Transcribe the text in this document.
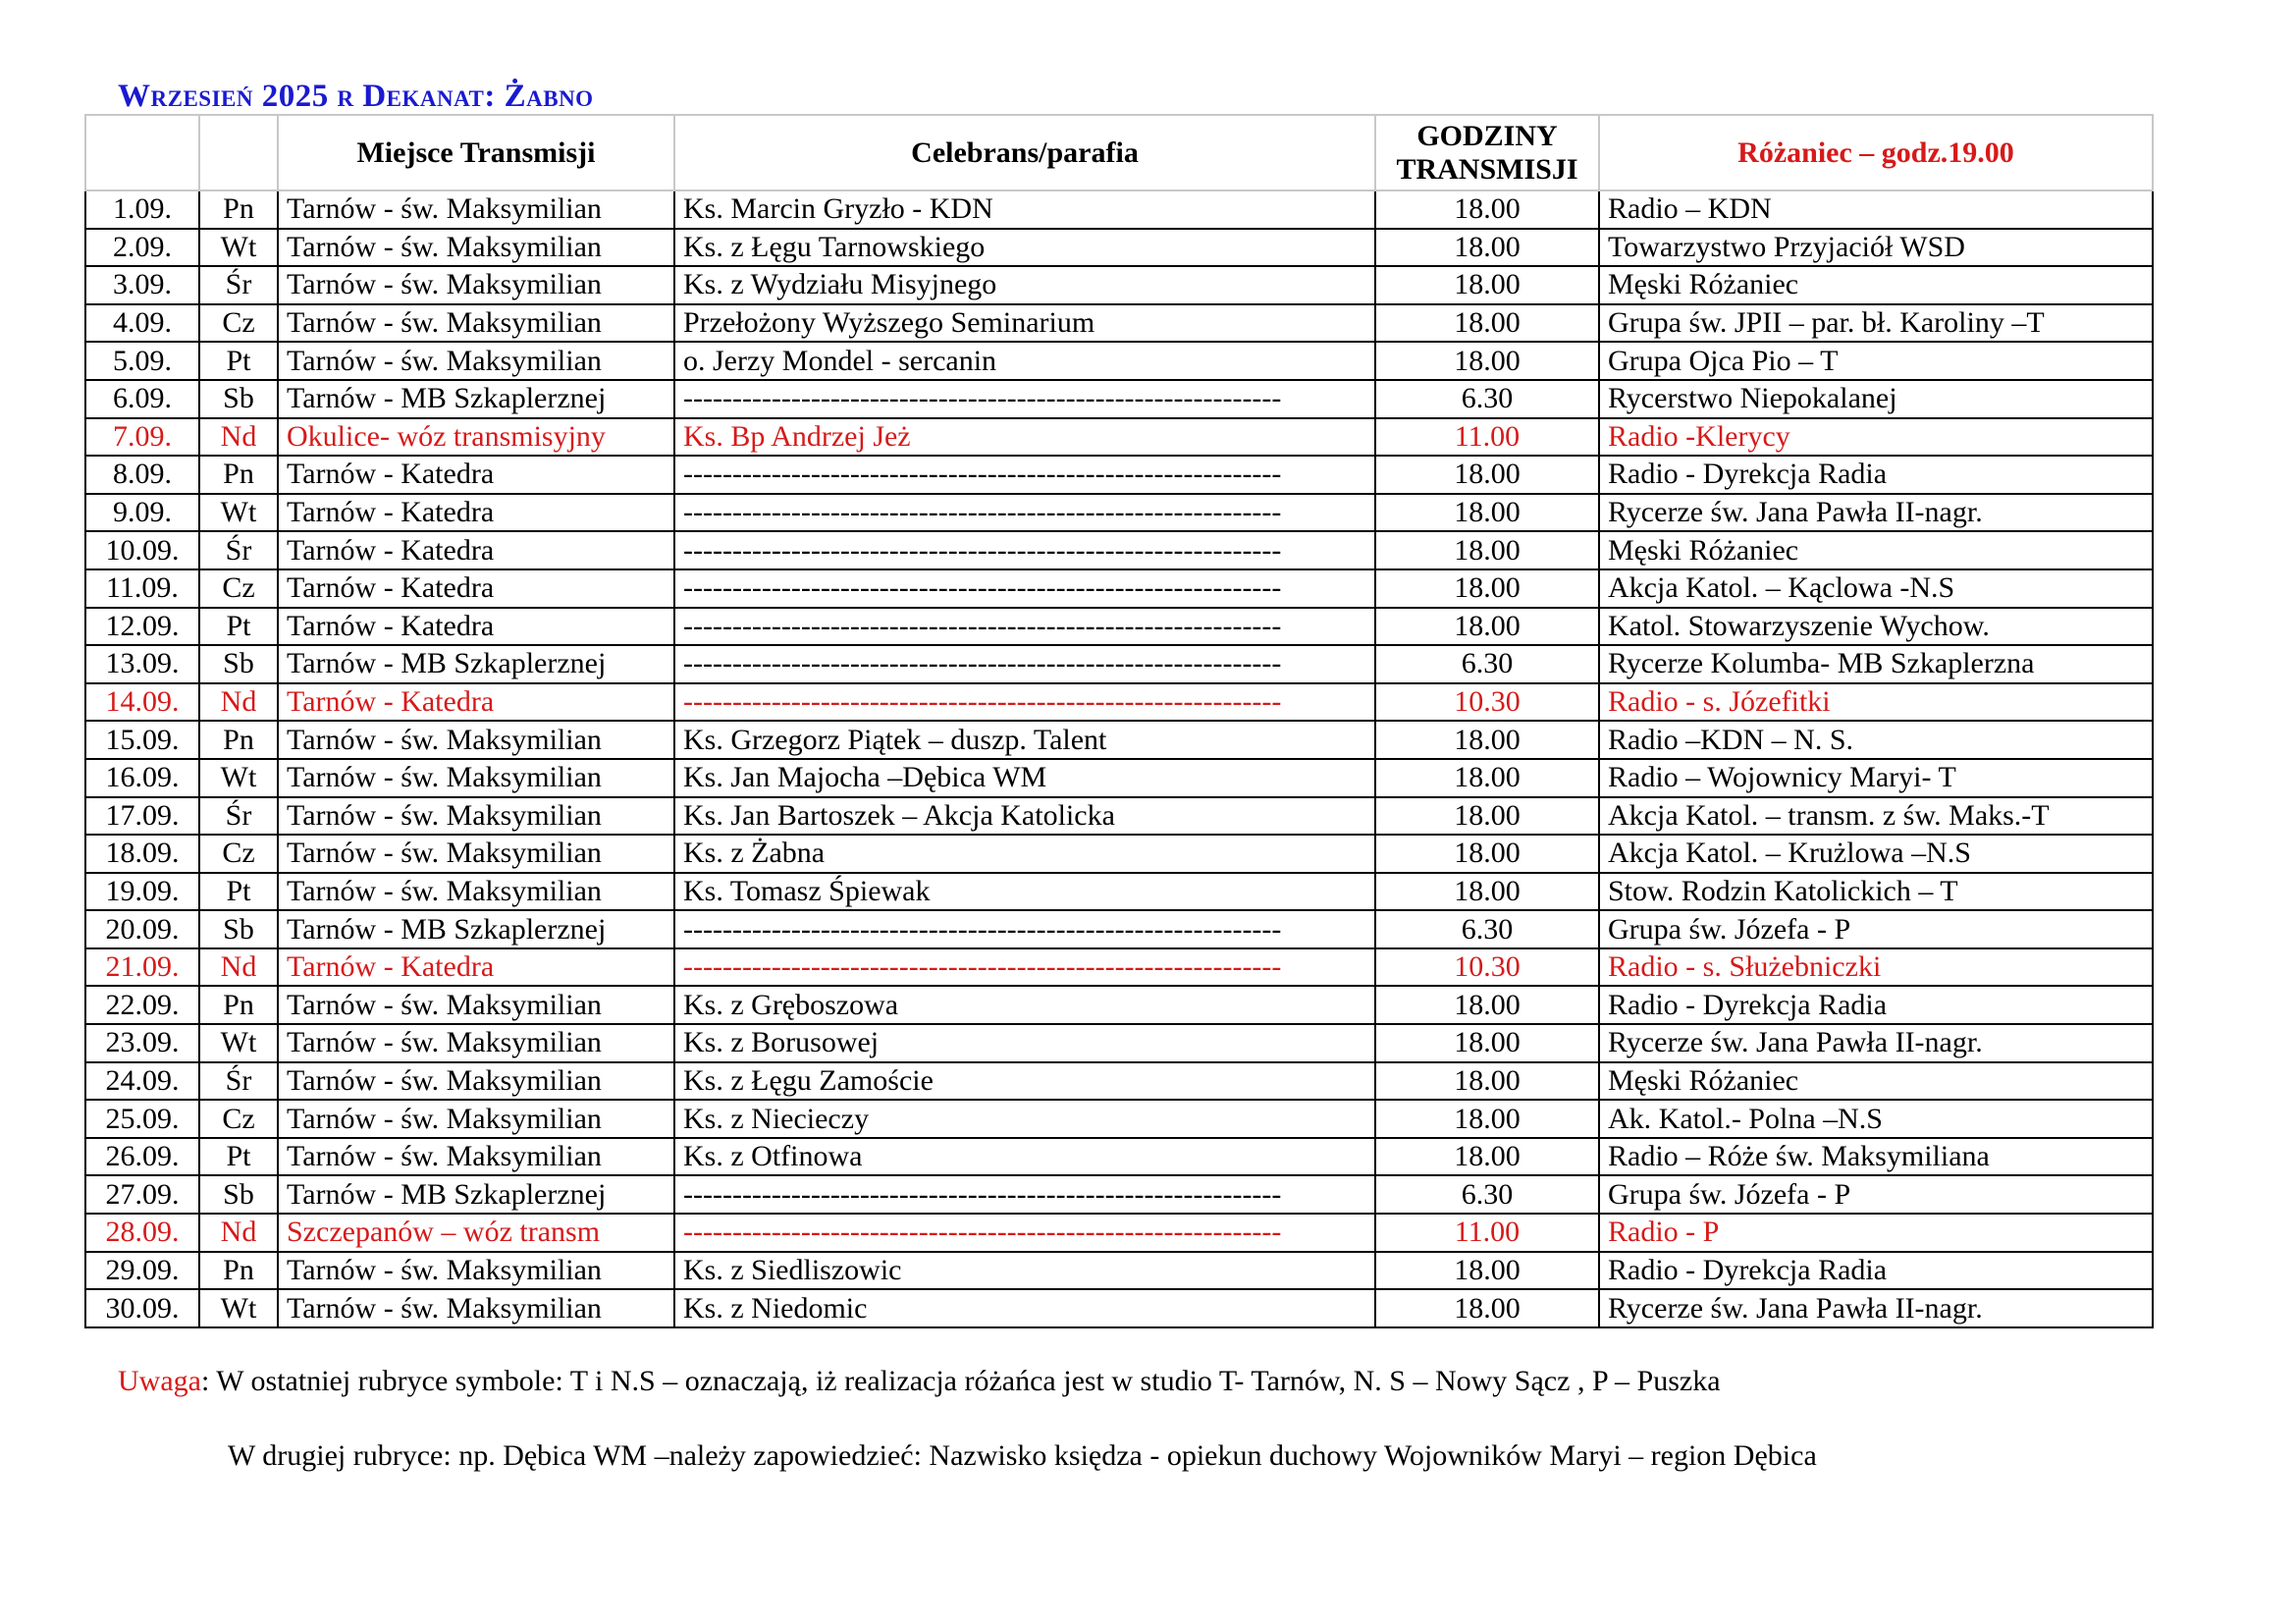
Wrzesień 2025 r Dekanat: Żabno
		Miejsce Transmisji	Celebrans/parafia	GODZINY
TRANSMISJI	Różaniec – godz.19.00
1.09.	Pn	Tarnów - św. Maksymilian	Ks. Marcin Gryzło - KDN	18.00	Radio – KDN
2.09.	Wt	Tarnów - św. Maksymilian	Ks. z Łęgu Tarnowskiego	18.00	Towarzystwo Przyjaciół WSD
3.09.	Śr	Tarnów - św. Maksymilian	Ks. z Wydziału Misyjnego	18.00	Męski Różaniec
4.09.	Cz	Tarnów - św. Maksymilian	Przełożony Wyższego Seminarium	18.00	Grupa św. JPII – par. bł. Karoliny –T
5.09.	Pt	Tarnów - św. Maksymilian	o. Jerzy Mondel - sercanin	18.00	Grupa Ojca Pio – T
6.09.	Sb	Tarnów - MB Szkaplerznej	-------------------------------------------------------------	6.30	Rycerstwo Niepokalanej
7.09.	Nd	Okulice- wóz transmisyjny	Ks. Bp Andrzej Jeż	11.00	Radio -Klerycy
8.09.	Pn	Tarnów - Katedra	-------------------------------------------------------------	18.00	Radio - Dyrekcja Radia
9.09.	Wt	Tarnów - Katedra	-------------------------------------------------------------	18.00	Rycerze św. Jana Pawła II-nagr.
10.09.	Śr	Tarnów - Katedra	-------------------------------------------------------------	18.00	Męski Różaniec
11.09.	Cz	Tarnów - Katedra	-------------------------------------------------------------	18.00	Akcja Katol. – Kąclowa -N.S
12.09.	Pt	Tarnów - Katedra	-------------------------------------------------------------	18.00	Katol. Stowarzyszenie Wychow.
13.09.	Sb	Tarnów - MB Szkaplerznej	-------------------------------------------------------------	6.30	Rycerze Kolumba- MB Szkaplerzna
14.09.	Nd	Tarnów - Katedra	-------------------------------------------------------------	10.30	Radio - s. Józefitki
15.09.	Pn	Tarnów - św. Maksymilian	Ks. Grzegorz Piątek – duszp. Talent	18.00	Radio –KDN – N. S.
16.09.	Wt	Tarnów - św. Maksymilian	Ks. Jan Majocha –Dębica WM	18.00	Radio – Wojownicy Maryi- T
17.09.	Śr	Tarnów - św. Maksymilian	Ks. Jan Bartoszek – Akcja Katolicka	18.00	Akcja Katol. – transm. z św. Maks.-T
18.09.	Cz	Tarnów - św. Maksymilian	Ks. z Żabna	18.00	Akcja Katol. – Krużlowa –N.S
19.09.	Pt	Tarnów - św. Maksymilian	Ks. Tomasz Śpiewak	18.00	Stow. Rodzin Katolickich – T
20.09.	Sb	Tarnów - MB Szkaplerznej	-------------------------------------------------------------	6.30	Grupa św. Józefa - P
21.09.	Nd	Tarnów - Katedra	-------------------------------------------------------------	10.30	Radio - s. Służebniczki
22.09.	Pn	Tarnów - św. Maksymilian	Ks. z Gręboszowa	18.00	Radio - Dyrekcja Radia
23.09.	Wt	Tarnów - św. Maksymilian	Ks. z Borusowej	18.00	Rycerze św. Jana Pawła II-nagr.
24.09.	Śr	Tarnów - św. Maksymilian	Ks. z Łęgu Zamoście	18.00	Męski Różaniec
25.09.	Cz	Tarnów - św. Maksymilian	Ks. z Niecieczy	18.00	Ak. Katol.- Polna –N.S
26.09.	Pt	Tarnów - św. Maksymilian	Ks. z Otfinowa	18.00	Radio – Róże św. Maksymiliana
27.09.	Sb	Tarnów - MB Szkaplerznej	-------------------------------------------------------------	6.30	Grupa św. Józefa - P
28.09.	Nd	Szczepanów – wóz transm	-------------------------------------------------------------	11.00	Radio - P
29.09.	Pn	Tarnów - św. Maksymilian	Ks. z Siedliszowic	18.00	Radio - Dyrekcja Radia
30.09.	Wt	Tarnów - św. Maksymilian	Ks. z Niedomic	18.00	Rycerze św. Jana Pawła II-nagr.
Uwaga: W ostatniej rubryce symbole: T i N.S – oznaczają, iż realizacja różańca jest w studio T- Tarnów, N. S – Nowy Sącz , P – Puszka
W drugiej rubryce: np. Dębica WM –należy zapowiedzieć: Nazwisko księdza - opiekun duchowy Wojowników Maryi – region Dębica
